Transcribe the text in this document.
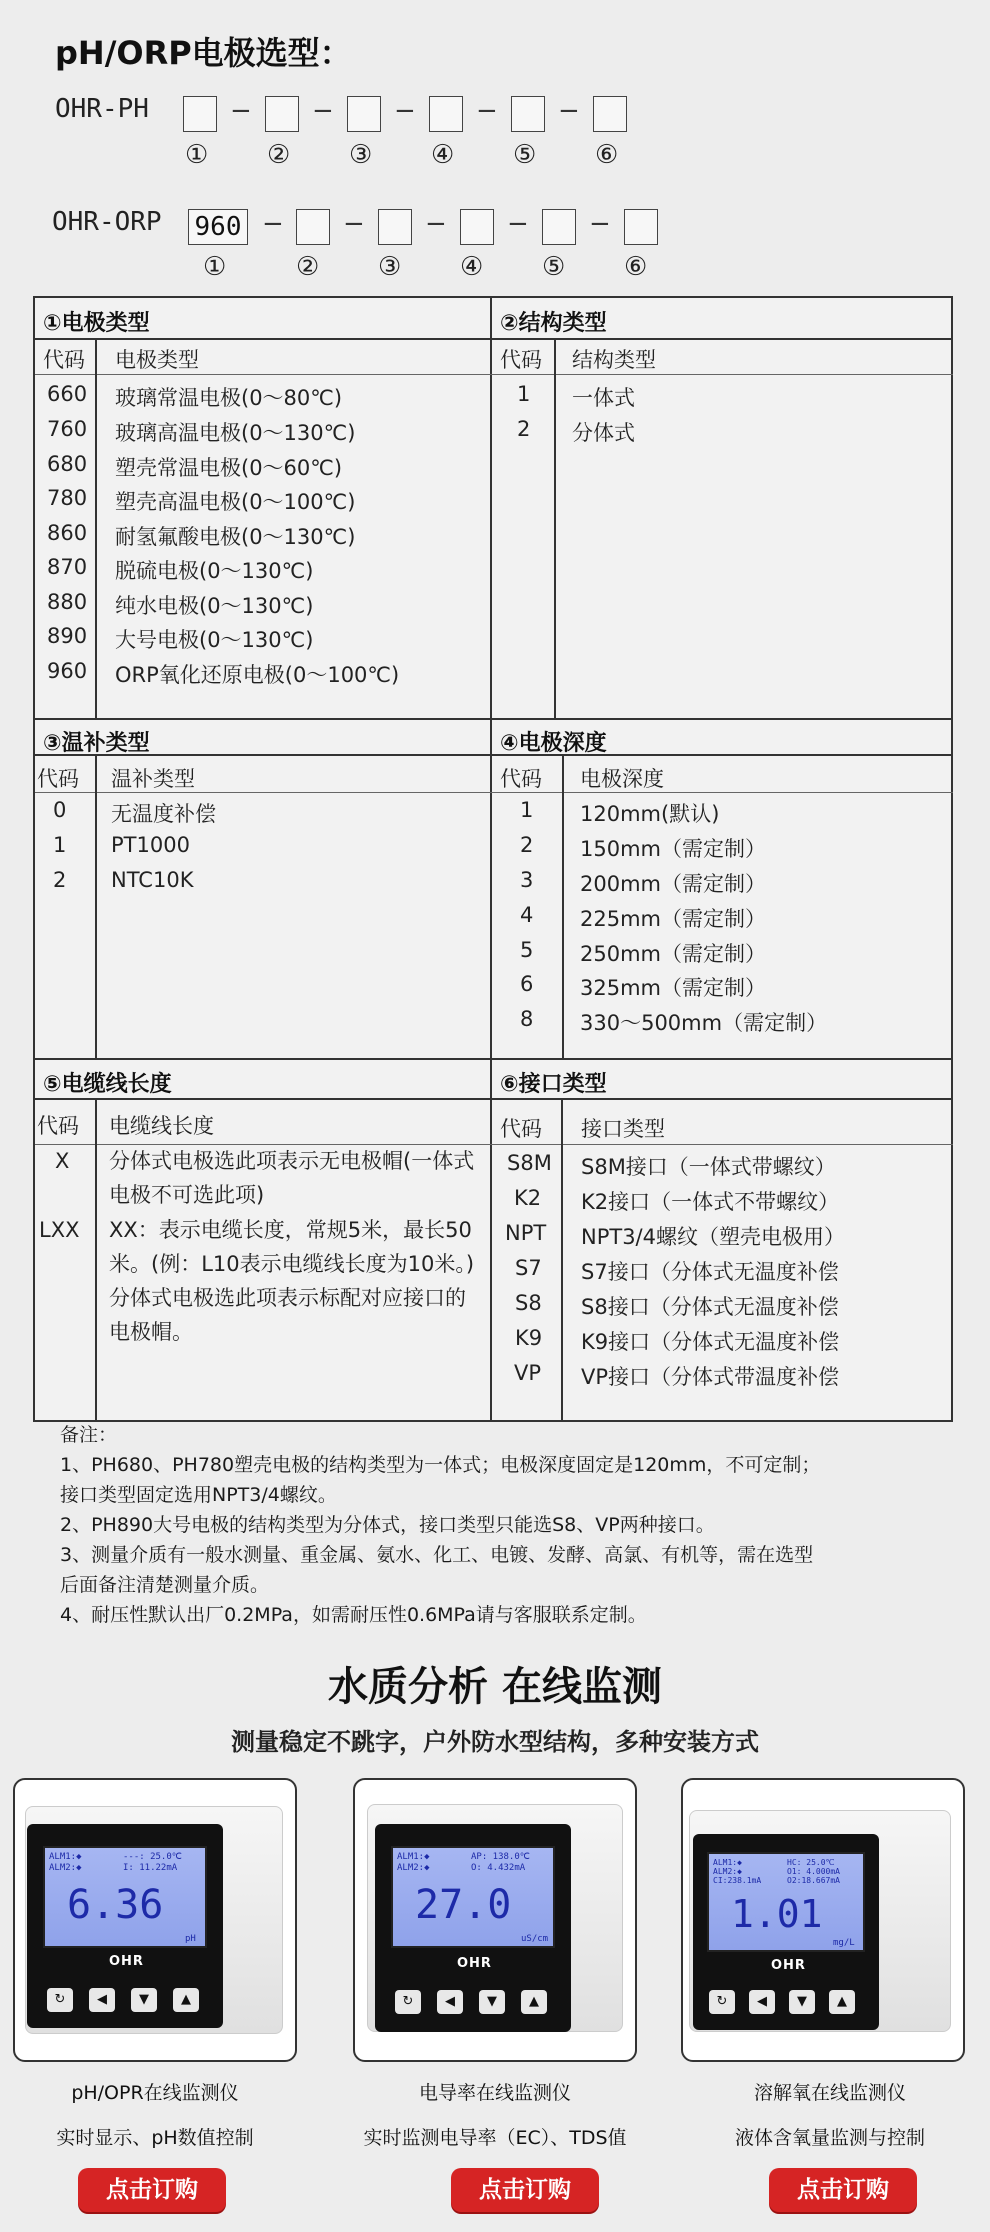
pH/ORP电极选型：
OHR-PH	− − − − −
① ② ③ ④ ⑤ ⑥
OHR-ORP 960 − − − − −
①	② ③ ④ ⑤ ⑥
①电极类型
代码 电极类型
660 玻璃常温电极(0～80℃)
760 玻璃高温电极(0～130℃)
680 塑壳常温电极(0～60℃)
780 塑壳高温电极(0～100℃)
860 耐氢氟酸电极(0～130℃)
870 脱硫电极(0～130℃)
880 纯水电极(0～130℃)
890 大号电极(0～130℃)
960 ORP氧化还原电极(0～100℃)
②结构类型
代码 结构类型
1 一体式
2 分体式
③温补类型
代码 温补类型
0 无温度补偿
1 PT1000
2 NTC10K
④电极深度
代码 电极深度
1 120mm(默认)
2 150mm（需定制）
3 200mm（需定制）
4 225mm（需定制）
5 250mm（需定制）
6 325mm（需定制）
8 330～500mm（需定制）
⑤电缆线长度
代码 电缆线长度
X 分体式电极选此项表示无电极帽(一体式电极不可选此项)
LXX XX：表示电缆长度，常规5米，最长50米。(例：L10表示电缆线长度为10米。)分体式电极选此项表示标配对应接口的电极帽。
⑥接口类型
代码 接口类型
S8M S8M接口（一体式带螺纹）
K2 K2接口（一体式不带螺纹）
NPT NPT3/4螺纹（塑壳电极用）
S7 S7接口（分体式无温度补偿
S8 S8接口（分体式无温度补偿
K9 K9接口（分体式无温度补偿
VP VP接口（分体式带温度补偿
备注：
1、PH680、PH780塑壳电极的结构类型为一体式；电极深度固定是120mm，不可定制；
接口类型固定选用NPT3/4螺纹。
2、PH890大号电极的结构类型为分体式，接口类型只能选S8、VP两种接口。
3、测量介质有一般水测量、重金属、氨水、化工、电镀、发酵、高氯、有机等，需在选型
后面备注清楚测量介质。
4、耐压性默认出厂0.2MPa，如需耐压性0.6MPa请与客服联系定制。
水质分析 在线监测
测量稳定不跳字，户外防水型结构，多种安装方式
ALM1:◆
ALM2:◆
---: 25.0℃
I: 11.22mA
6.36
pH
OHR
↻	◀	▼	▲
ALM1:◆
ALM2:◆
AP: 138.0℃
O: 4.432mA
27.0
uS/cm
OHR
↻	◀	▼	▲
ALM1:◆
ALM2:◆
CI:238.1mA
HC: 25.0℃
O1: 4.000mA
O2:18.667mA
1.01
mg/L
OHR
↻	◀	▼	▲
pH/OPR在线监测仪
实时显示、pH数值控制
点击订购
电导率在线监测仪
实时监测电导率（EC）、TDS值
点击订购
溶解氧在线监测仪
液体含氧量监测与控制
点击订购
